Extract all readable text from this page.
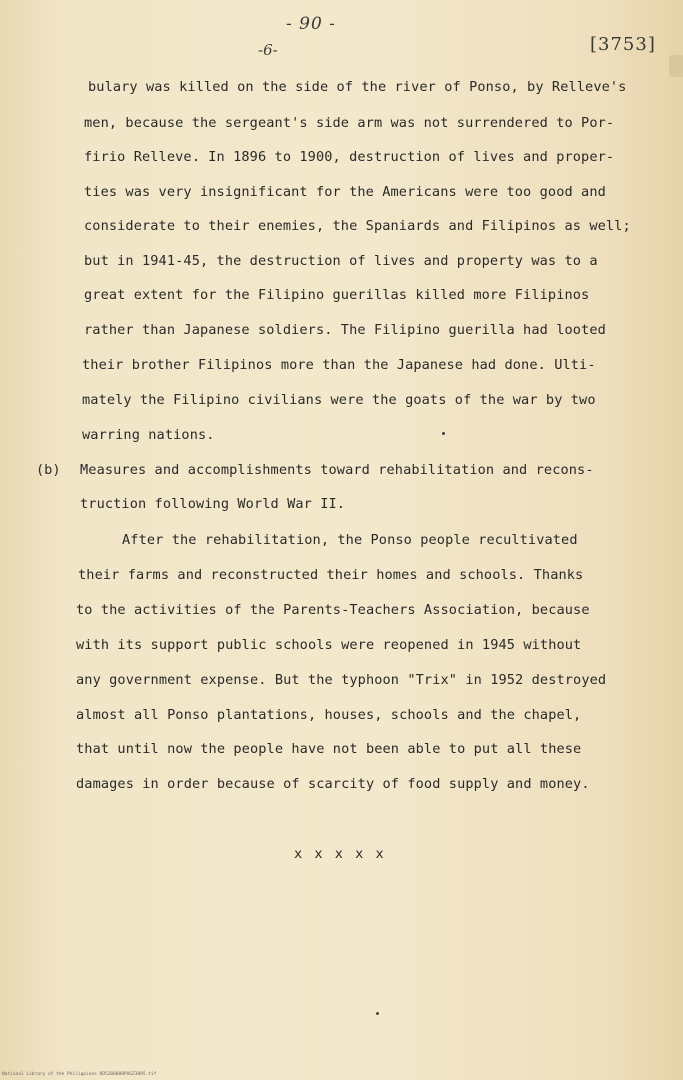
- 90 -
-6-	[3753]
bulary was killed on the side of the river of Ponso, by Relleve's
men, because the sergeant's side arm was not surrendered to Por-
firio Relleve. In 1896 to 1900, destruction of lives and proper-
ties was very insignificant for the Americans were too good and
considerate to their enemies, the Spaniards and Filipinos as well;
but in 1941-45, the destruction of lives and property was to a
great extent for the Filipino guerillas killed more Filipinos
rather than Japanese soldiers. The Filipino guerilla had looted
their brother Filipinos more than the Japanese had done. Ulti-
mately the Filipino civilians were the goats of the war by two
warring nations.
(b) Measures and accomplishments toward rehabilitation and recons-
truction following World War II.
After the rehabilitation, the Ponso people recultivated
their farms and reconstructed their homes and schools. Thanks
to the activities of the Parents-Teachers Association, because
with its support public schools were reopened in 1945 without
any government expense. But the typhoon "Trix" in 1952 destroyed
almost all Ponso plantations, houses, schools and the chapel,
that until now the people have not been able to put all these
damages in order because of scarcity of food supply and money.
x x x x x
National Library of the Philippines HD5208888POGZ3095.tif
